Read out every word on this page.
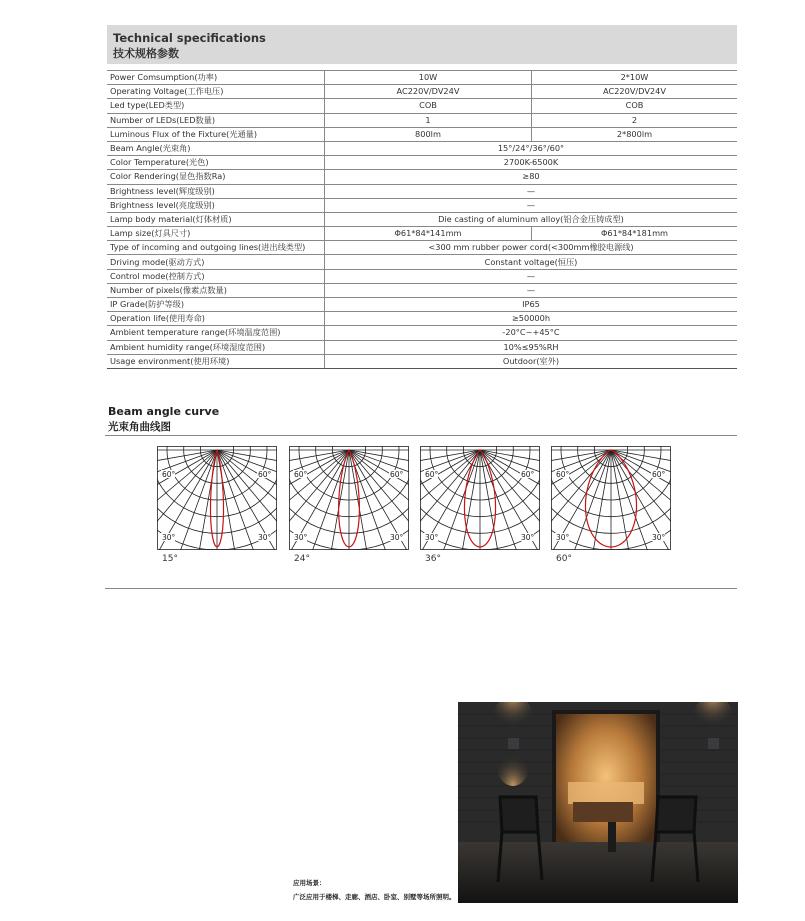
Technical specifications
技术规格参数
Power Comsumption(功率)	10W	2*10W
Operating Voltage(工作电压)	AC220V/DV24V	AC220V/DV24V
Led type(LED类型)	COB	COB
Number of LEDs(LED数量)	1	2
Luminous Flux of the Fixture(光通量)	800lm	2*800lm
Beam Angle(光束角)	15°/24°/36°/60°	
Color Temperature(光色)	2700K-6500K	
Color Rendering(显色指数Ra)	≥80	
Brightness level(辉度级别)	—	
Brightness level(亮度级别)	—	
Lamp body material(灯体材质)	Die casting of aluminum alloy(铝合金压铸成型)	
Lamp size(灯具尺寸)	Φ61*84*141mm	Φ61*84*181mm
Type of incoming and outgoing lines(进出线类型)	<300 mm rubber power cord(<300mm橡胶电源线)	
Driving mode(驱动方式)	Constant voltage(恒压)	
Control mode(控制方式)	—	
Number of pixels(像素点数量)	—	
IP Grade(防护等级)	IP65	
Operation life(使用寿命)	≥50000h	
Ambient temperature range(环境温度范围)	-20°C~+45°C	
Ambient humidity range(环境湿度范围)	10%≤95%RH	
Usage environment(使用环境)	Outdoor(室外)	
Beam angle curve
光束角曲线图
60°	60°
30°	30°
15°
60°	60°
30°	30°
24°
60°	60°
30°	30°
36°
60°	60°
30°	30°
60°
应用场景：
广泛应用于楼梯、走廊、酒店、卧室、别墅等场所照明。
